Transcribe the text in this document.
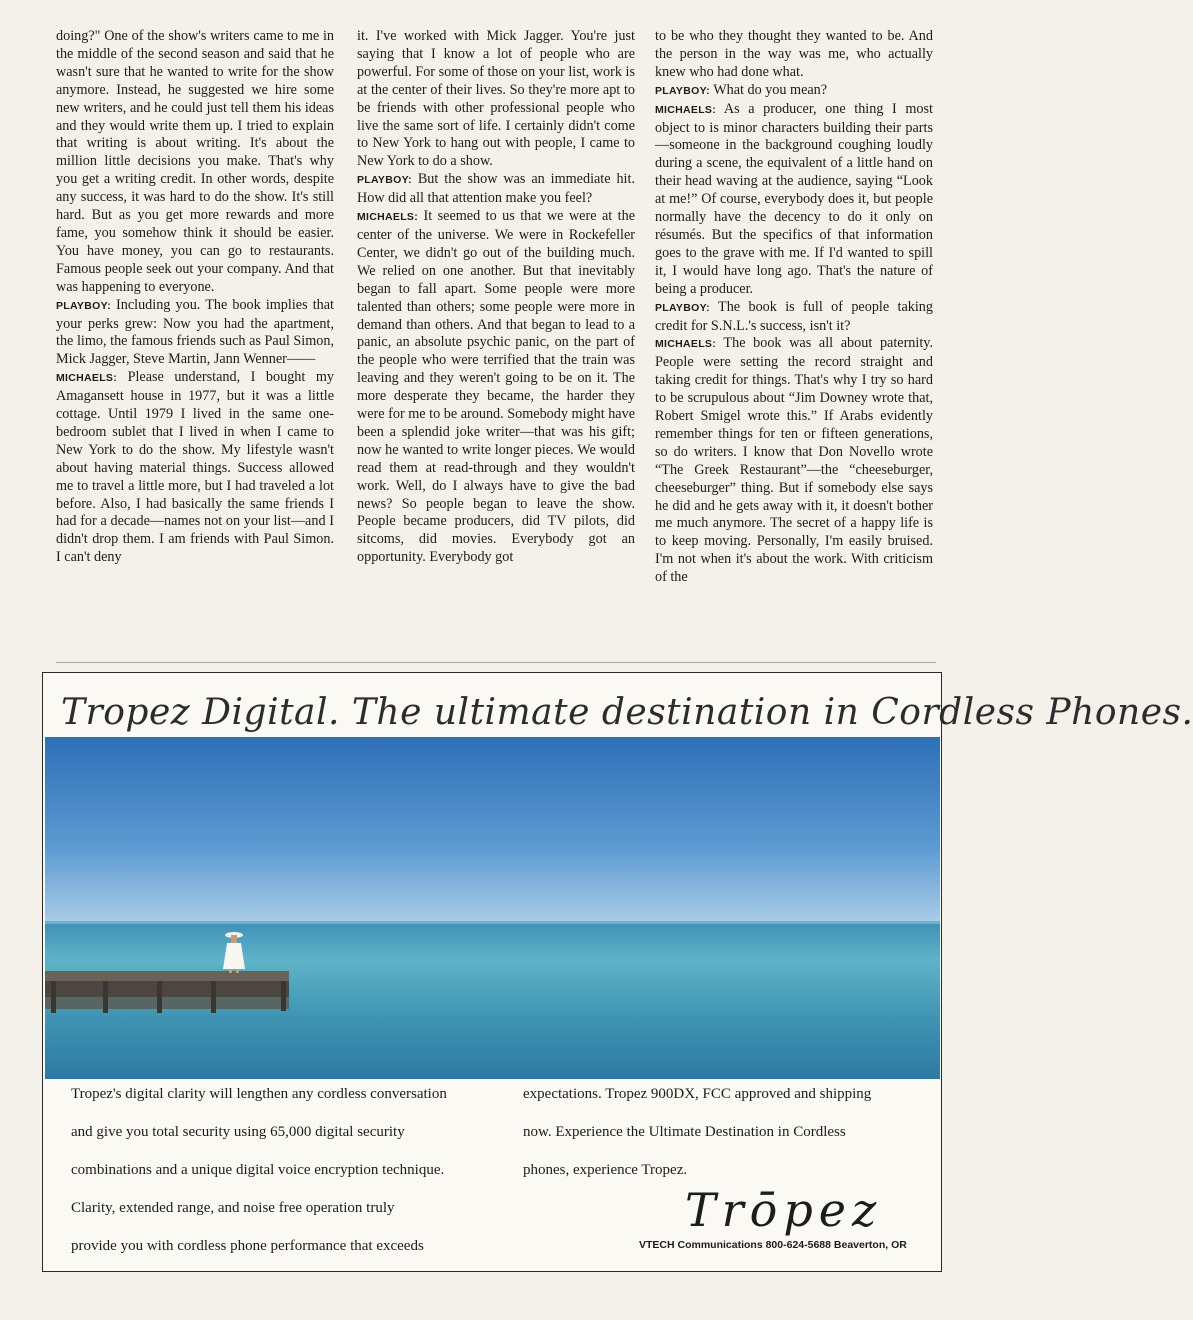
doing?" One of the show's writers came to me in the middle of the second season and said that he wasn't sure that he wanted to write for the show anymore. Instead, he suggested we hire some new writers, and he could just tell them his ideas and they would write them up. I tried to explain that writing is about writing. It's about the million little decisions you make. That's why you get a writing credit. In other words, despite any success, it was hard to do the show. It's still hard. But as you get more rewards and more fame, you somehow think it should be easier. You have money, you can go to restaurants. Famous people seek out your company. And that was happening to everyone.

PLAYBOY: Including you. The book implies that your perks grew: Now you had the apartment, the limo, the famous friends such as Paul Simon, Mick Jagger, Steve Martin, Jann Wenner——

MICHAELS: Please understand, I bought my Amagansett house in 1977, but it was a little cottage. Until 1979 I lived in the same one-bedroom sublet that I lived in when I came to New York to do the show. My lifestyle wasn't about having material things. Success allowed me to travel a little more, but I had traveled a lot before. Also, I had basically the same friends I had for a decade—names not on your list—and I didn't drop them. I am friends with Paul Simon. I can't deny

it. I've worked with Mick Jagger. You're just saying that I know a lot of people who are powerful. For some of those on your list, work is at the center of their lives. So they're more apt to be friends with other professional people who live the same sort of life. I certainly didn't come to New York to hang out with people, I came to New York to do a show.

PLAYBOY: But the show was an immediate hit. How did all that attention make you feel?

MICHAELS: It seemed to us that we were at the center of the universe. We were in Rockefeller Center, we didn't go out of the building much. We relied on one another. But that inevitably began to fall apart. Some people were more talented than others; some people were more in demand than others. And that began to lead to a panic, an absolute psychic panic, on the part of the people who were terrified that the train was leaving and they weren't going to be on it. The more desperate they became, the harder they were for me to be around. Somebody might have been a splendid joke writer—that was his gift; now he wanted to write longer pieces. We would read them at read-through and they wouldn't work. Well, do I always have to give the bad news? So people began to leave the show. People became producers, did TV pilots, did sitcoms, did movies. Everybody got an opportunity. Everybody got

to be who they thought they wanted to be. And the person in the way was me, who actually knew who had done what.

PLAYBOY: What do you mean?

MICHAELS: As a producer, one thing I most object to is minor characters building their parts—someone in the background coughing loudly during a scene, the equivalent of a little hand on their head waving at the audience, saying “Look at me!” Of course, everybody does it, but people normally have the decency to do it only on résumés. But the specifics of that information goes to the grave with me. If I'd wanted to spill it, I would have long ago. That's the nature of being a producer.

PLAYBOY: The book is full of people taking credit for S.N.L.'s success, isn't it?

MICHAELS: The book was all about paternity. People were setting the record straight and taking credit for things. That's why I try so hard to be scrupulous about “Jim Downey wrote that, Robert Smigel wrote this.” If Arabs evidently remember things for ten or fifteen generations, so do writers. I know that Don Novello wrote “The Greek Restaurant”—the “cheeseburger, cheeseburger” thing. But if somebody else says he did and he gets away with it, it doesn't bother me much anymore. The secret of a happy life is to keep moving. Personally, I'm easily bruised. I'm not when it's about the work. With criticism of the

Tropez Digital. The ultimate destination in Cordless Phones.
Tropez's digital clarity will lengthen any cordless conversation
and give you total security using 65,000 digital security
combinations and a unique digital voice encryption technique.
Clarity, extended range, and noise free operation truly
provide you with cordless phone performance that exceeds
expectations. Tropez 900DX, FCC approved and shipping
now. Experience the Ultimate Destination in Cordless
phones, experience Tropez.
Trōpez
VTECH Communications 800-624-5688 Beaverton, OR
